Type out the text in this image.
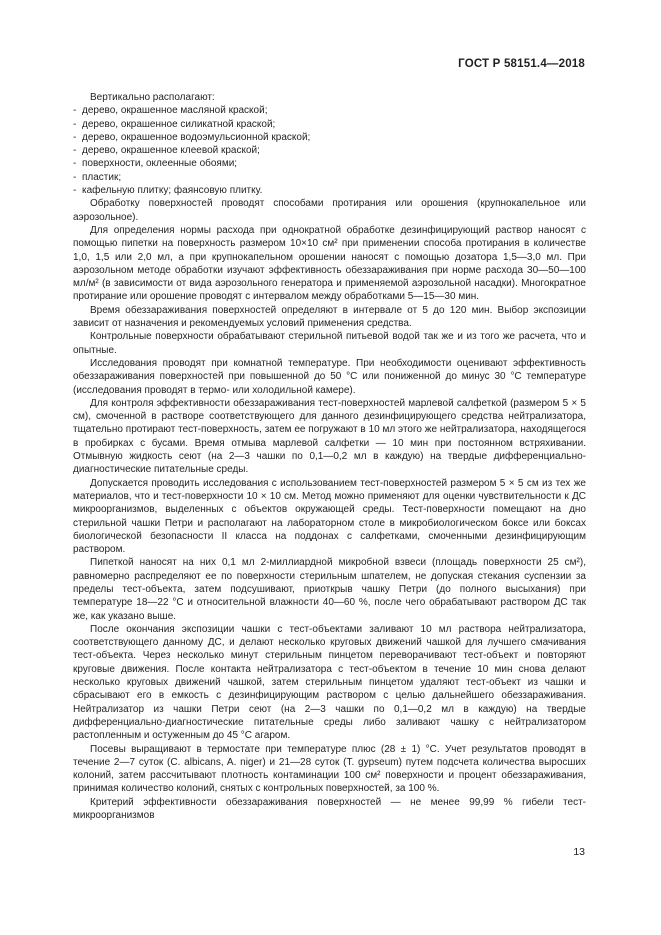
ГОСТ Р 58151.4—2018

Вертикально располагают:

- дерево, окрашенное масляной краской;
- дерево, окрашенное силикатной краской;
- дерево, окрашенное водоэмульсионной краской;
- дерево, окрашенное клеевой краской;
- поверхности, оклеенные обоями;
- пластик;
- кафельную плитку; фаянсовую плитку.

Обработку поверхностей проводят способами протирания или орошения (крупнокапельное или аэрозольное).

Для определения нормы расхода при однократной обработке дезинфицирующий раствор наносят с помощью пипетки на поверхность размером 10×10 см² при применении способа протирания в количестве 1,0, 1,5 или 2,0 мл, а при крупнокапельном орошении наносят с помощью дозатора 1,5—3,0 мл. При аэрозольном методе обработки изучают эффективность обеззараживания при норме расхода 30—50—100 мл/м² (в зависимости от вида аэрозольного генератора и применяемой аэрозольной насадки). Многократное протирание или орошение проводят с интервалом между обработками 5—15—30 мин.

Время обеззараживания поверхностей определяют в интервале от 5 до 120 мин. Выбор экспозиции зависит от назначения и рекомендуемых условий применения средства.

Контрольные поверхности обрабатывают стерильной питьевой водой так же и из того же расчета, что и опытные.

Исследования проводят при комнатной температуре. При необходимости оценивают эффективность обеззараживания поверхностей при повышенной до 50 °С или пониженной до минус 30 °С температуре (исследования проводят в термо- или холодильной камере).

Для контроля эффективности обеззараживания тест-поверхностей марлевой салфеткой (размером 5 × 5 см), смоченной в растворе соответствующего для данного дезинфицирующего средства нейтрализатора, тщательно протирают тест-поверхность, затем ее погружают в 10 мл этого же нейтрализатора, находящегося в пробирках с бусами. Время отмыва марлевой салфетки — 10 мин при постоянном встряхивании. Отмывную жидкость сеют (на 2—3 чашки по 0,1—0,2 мл в каждую) на твердые дифференциально-диагностические питательные среды.

Допускается проводить исследования с использованием тест-поверхностей размером 5 × 5 см из тех же материалов, что и тест-поверхности 10 × 10 см. Метод можно применяют для оценки чувствительности к ДС микроорганизмов, выделенных с объектов окружающей среды. Тест-поверхности помещают на дно стерильной чашки Петри и располагают на лабораторном столе в микробиологическом боксе или боксах биологической безопасности II класса на поддонах с салфетками, смоченными дезинфицирующим раствором.

Пипеткой наносят на них 0,1 мл 2-миллиардной микробной взвеси (площадь поверхности 25 см²), равномерно распределяют ее по поверхности стерильным шпателем, не допуская стекания суспензии за пределы тест-объекта, затем подсушивают, приоткрыв чашку Петри (до полного высыхания) при температуре 18—22 °С и относительной влажности 40—60 %, после чего обрабатывают раствором ДС так же, как указано выше.

После окончания экспозиции чашки с тест-объектами заливают 10 мл раствора нейтрализатора, соответствующего данному ДС, и делают несколько круговых движений чашкой для лучшего смачивания тест-объекта. Через несколько минут стерильным пинцетом переворачивают тест-объект и повторяют круговые движения. После контакта нейтрализатора с тест-объектом в течение 10 мин снова делают несколько круговых движений чашкой, затем стерильным пинцетом удаляют тест-объект из чашки и сбрасывают его в емкость с дезинфицирующим раствором с целью дальнейшего обеззараживания. Нейтрализатор из чашки Петри сеют (на 2—3 чашки по 0,1—0,2 мл в каждую) на твердые дифференциально-диагностические питательные среды либо заливают чашку с нейтрализатором растопленным и остуженным до 45 °С агаром.

Посевы выращивают в термостате при температуре плюс (28 ± 1) °С. Учет результатов проводят в течение 2—7 суток (C. albicans, A. niger) и 21—28 суток (T. gypseum) путем подсчета количества выросших колоний, затем рассчитывают плотность контаминации 100 см² поверхности и процент обеззараживания, принимая количество колоний, снятых с контрольных поверхностей, за 100 %.

Критерий эффективности обеззараживания поверхностей — не менее 99,99 % гибели тест-микроорганизмов

13
